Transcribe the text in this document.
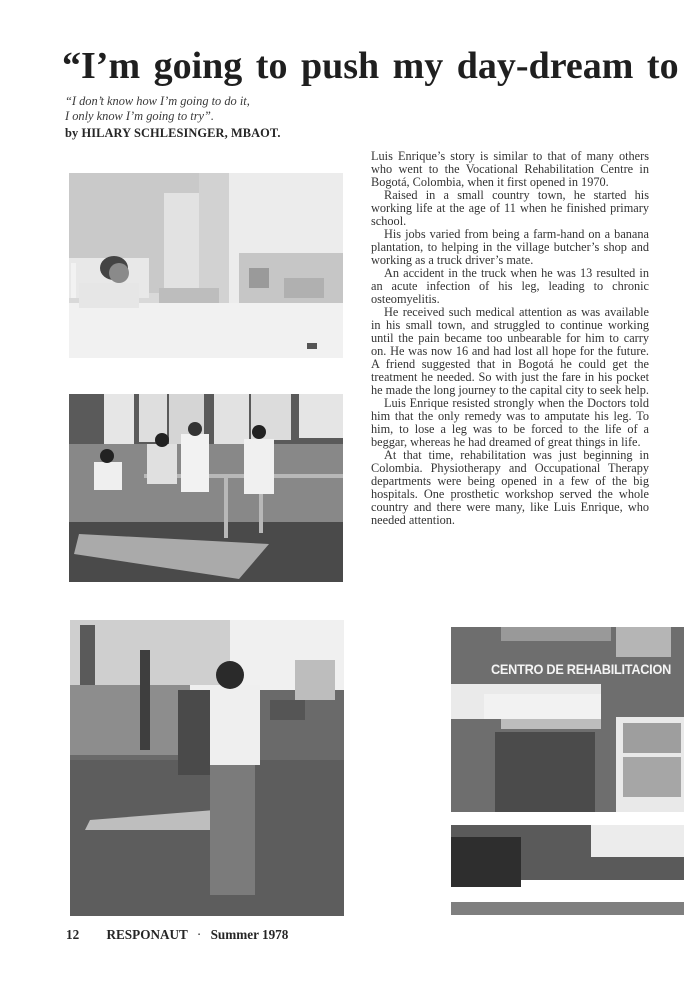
“I’m going to push my day-dream to
“I don’t know how I’m going to do it,
I only know I’m going to try”.
by HILARY SCHLESINGER, MBAOT.

Luis Enrique’s story is similar to that of many others who went to the Vocational Rehabilitation Centre in Bogotá, Colombia, when it first opened in 1970.

Raised in a small country town, he started his working life at the age of 11 when he finished primary school.

His jobs varied from being a farm-hand on a banana plantation, to helping in the village butcher’s shop and working as a truck driver’s mate.

An accident in the truck when he was 13 resulted in an acute infection of his leg, leading to chronic osteomyelitis.

He received such medical attention as was available in his small town, and struggled to continue working until the pain became too unbearable for him to carry on. He was now 16 and had lost all hope for the future. A friend suggested that in Bogotá he could get the treatment he needed. So with just the fare in his pocket he made the long journey to the capital city to seek help.

Luis Enrique resisted strongly when the Doctors told him that the only remedy was to amputate his leg. To him, to lose a leg was to be forced to the life of a beggar, whereas he had dreamed of great things in life.

At that time, rehabilitation was just beginning in Colombia. Physiotherapy and Occupational Therapy departments were being opened in a few of the big hospitals. One prosthetic workshop served the whole country and there were many, like Luis Enrique, who needed attention.

CENTRO DE REHABILITACION
12 RESPONAUT · Summer 1978
